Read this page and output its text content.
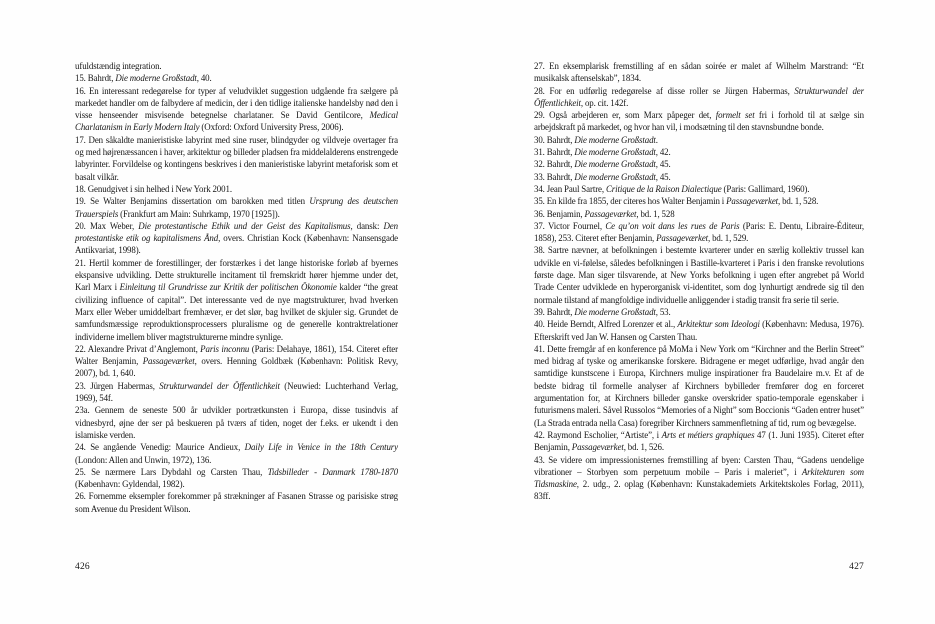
ufuldstændig integration.

15. Bahrdt, Die moderne Großstadt, 40.

16. En interessant redegørelse for typer af veludviklet suggestion udgående fra sælgere på markedet handler om de falbydere af medicin, der i den tidlige italienske handelsby nød den i visse henseender misvisende betegnelse charlataner. Se David Gentilcore, Medical Charlatanism in Early Modern Italy (Oxford: Oxford University Press, 2006).

17. Den såkaldte manieristiske labyrint med sine ruser, blindgyder og vildveje overtager fra og med højrenæssancen i haver, arkitektur og billeder pladsen fra middelalderens enstrengede labyrinter. Forvildelse og kontingens beskrives i den manieristiske labyrint metaforisk som et basalt vilkår.

18. Genudgivet i sin helhed i New York 2001.

19. Se Walter Benjamins dissertation om barokken med titlen Ursprung des deutschen Trauerspiels (Frankfurt am Main: Suhrkamp, 1970 [1925]).

20. Max Weber, Die protestantische Ethik und der Geist des Kapitalismus, dansk: Den protestantiske etik og kapitalismens Ånd, overs. Christian Kock (København: Nansensgade Antikvariat, 1998).

21. Hertil kommer de forestillinger, der forstærkes i det lange historiske forløb af byernes ekspansive udvikling. Dette strukturelle incitament til fremskridt hører hjemme under det, Karl Marx i Einleitung til Grundrisse zur Kritik der politischen Ökonomie kalder “the great civilizing influence of capital”. Det interessante ved de nye magtstrukturer, hvad hverken Marx eller Weber umiddelbart fremhæver, er det slør, bag hvilket de skjuler sig. Grundet de samfundsmæssige reproduktionsprocessers pluralisme og de generelle kontraktrelationer individerne imellem bliver magtstrukturerne mindre synlige.

22. Alexandre Privat d’Anglemont, Paris inconnu (Paris: Delahaye, 1861), 154. Citeret efter Walter Benjamin, Passageværket, overs. Henning Goldbæk (København: Politisk Revy, 2007), bd. 1, 640.

23. Jürgen Habermas, Strukturwandel der Öffentlichkeit (Neuwied: Luchterhand Verlag, 1969), 54f.

23a. Gennem de seneste 500 år udvikler portrætkunsten i Europa, disse tusindvis af vidnesbyrd, øjne der ser på beskueren på tværs af tiden, noget der f.eks. er ukendt i den islamiske verden.

24. Se angående Venedig: Maurice Andieux, Daily Life in Venice in the 18th Century (London: Allen and Unwin, 1972), 136.

25. Se nærmere Lars Dybdahl og Carsten Thau, Tidsbilleder - Danmark 1780-1870 (København: Gyldendal, 1982).

26. Fornemme eksempler forekommer på strækninger af Fasanen Strasse og parisiske strøg som Avenue du President Wilson.

426

27. En eksemplarisk fremstilling af en sådan soirée er malet af Wilhelm Marstrand: “Et musikalsk aftenselskab”, 1834.

28. For en udførlig redegørelse af disse roller se Jürgen Habermas, Strukturwandel der Öffentlichkeit, op. cit. 142f.

29. Også arbejderen er, som Marx påpeger det, formelt set fri i forhold til at sælge sin arbejdskraft på markedet, og hvor han vil, i modsætning til den stavnsbundne bonde.

30. Bahrdt, Die moderne Großstadt.

31. Bahrdt, Die moderne Großstadt, 42.

32. Bahrdt, Die moderne Großstadt, 45.

33. Bahrdt, Die moderne Großstadt, 45.

34. Jean Paul Sartre, Critique de la Raison Dialectique (Paris: Gallimard, 1960).

35. En kilde fra 1855, der citeres hos Walter Benjamin i Passageværket, bd. 1, 528.

36. Benjamin, Passageværket, bd. 1, 528

37. Victor Fournel, Ce qu’on voit dans les rues de Paris (Paris: E. Dentu, Libraire-Éditeur, 1858), 253. Citeret efter Benjamin, Passageværket, bd. 1, 529.

38. Sartre nævner, at befolkningen i bestemte kvarterer under en særlig kollektiv trussel kan udvikle en vi-følelse, således befolkningen i Bastille-kvarteret i Paris i den franske revolutions første dage. Man siger tilsvarende, at New Yorks befolkning i ugen efter angrebet på World Trade Center udviklede en hyperorganisk vi-identitet, som dog lynhurtigt ændrede sig til den normale tilstand af mangfoldige individuelle anliggender i stadig transit fra serie til serie.

39. Bahrdt, Die moderne Großstadt, 53.

40. Heide Berndt, Alfred Lorenzer et al., Arkitektur som Ideologi (København: Medusa, 1976). Efterskrift ved Jan W. Hansen og Carsten Thau.

41. Dette fremgår af en konference på MoMa i New York om “Kirchner and the Berlin Street” med bidrag af tyske og amerikanske forskere. Bidragene er meget udførlige, hvad angår den samtidige kunstscene i Europa, Kirchners mulige inspirationer fra Baudelaire m.v. Et af de bedste bidrag til formelle analyser af Kirchners bybilleder fremfører dog en forceret argumentation for, at Kirchners billeder ganske overskrider spatio-temporale egenskaber i futurismens maleri. Såvel Russolos “Memories of a Night” som Boccionis “Gaden entrer huset” (La Strada entrada nella Casa) foregriber Kirchners sammenfletning af tid, rum og bevægelse.

42. Raymond Escholier, “Artiste”, i Arts et métiers graphiques 47 (1. Juni 1935). Citeret efter Benjamin, Passageværket, bd. 1, 526.

43. Se videre om impressionisternes fremstilling af byen: Carsten Thau, “Gadens uendelige vibrationer – Storbyen som perpetuum mobile – Paris i maleriet”, i Arkitekturen som Tidsmaskine, 2. udg., 2. oplag (København: Kunstakademiets Arkitektskoles Forlag, 2011), 83ff.

427
